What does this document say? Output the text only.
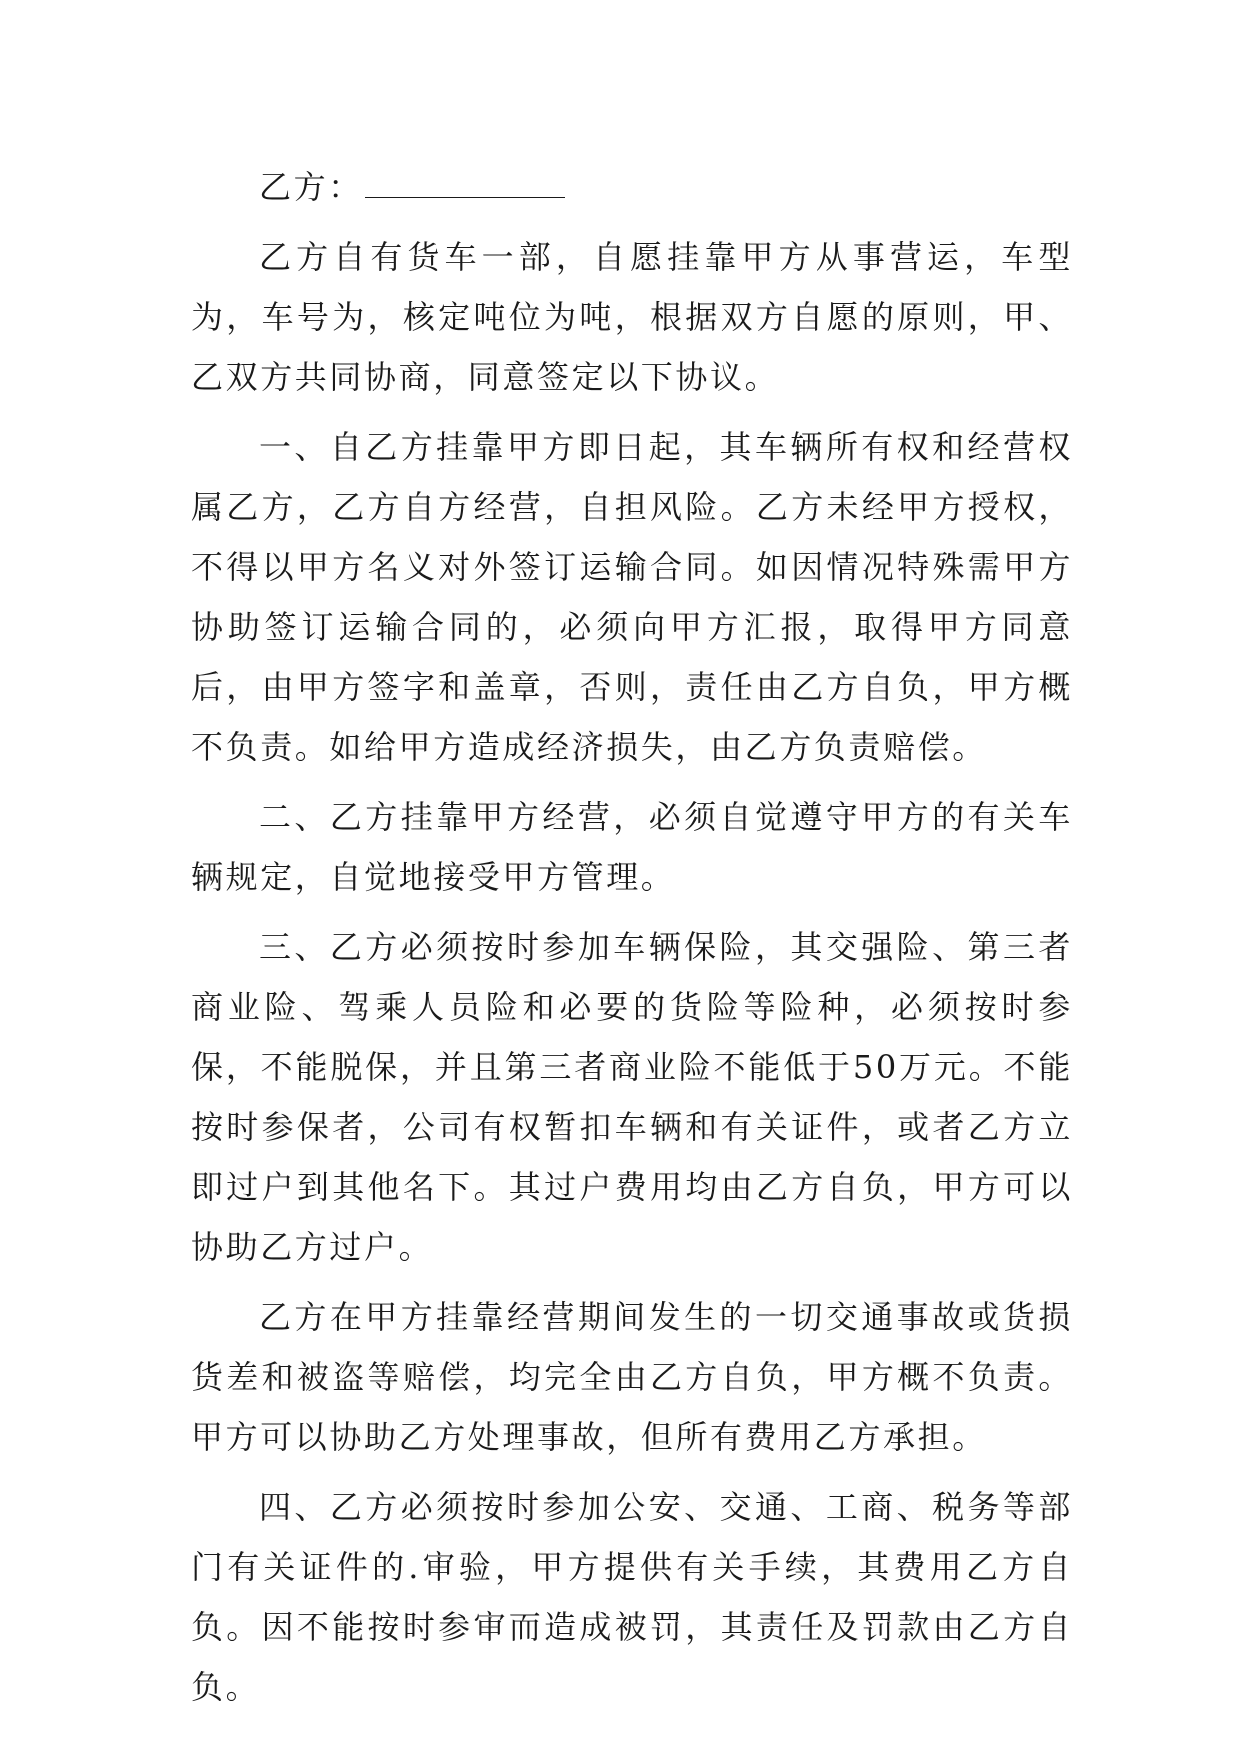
乙方：

乙方自有货车一部，自愿挂靠甲方从事营运，车型为，车号为，核定吨位为吨，根据双方自愿的原则，甲、乙双方共同协商，同意签定以下协议。

一、自乙方挂靠甲方即日起，其车辆所有权和经营权属乙方，乙方自方经营，自担风险。乙方未经甲方授权，不得以甲方名义对外签订运输合同。如因情况特殊需甲方协助签订运输合同的，必须向甲方汇报，取得甲方同意后，由甲方签字和盖章，否则，责任由乙方自负，甲方概不负责。如给甲方造成经济损失，由乙方负责赔偿。

二、乙方挂靠甲方经营，必须自觉遵守甲方的有关车辆规定，自觉地接受甲方管理。

三、乙方必须按时参加车辆保险，其交强险、第三者商业险、驾乘人员险和必要的货险等险种，必须按时参保，不能脱保，并且第三者商业险不能低于50万元。不能按时参保者，公司有权暂扣车辆和有关证件，或者乙方立即过户到其他名下。其过户费用均由乙方自负，甲方可以协助乙方过户。

乙方在甲方挂靠经营期间发生的一切交通事故或货损货差和被盗等赔偿，均完全由乙方自负，甲方概不负责。甲方可以协助乙方处理事故，但所有费用乙方承担。

四、乙方必须按时参加公安、交通、工商、税务等部门有关证件的.审验，甲方提供有关手续，其费用乙方自负。因不能按时参审而造成被罚，其责任及罚款由乙方自负。
